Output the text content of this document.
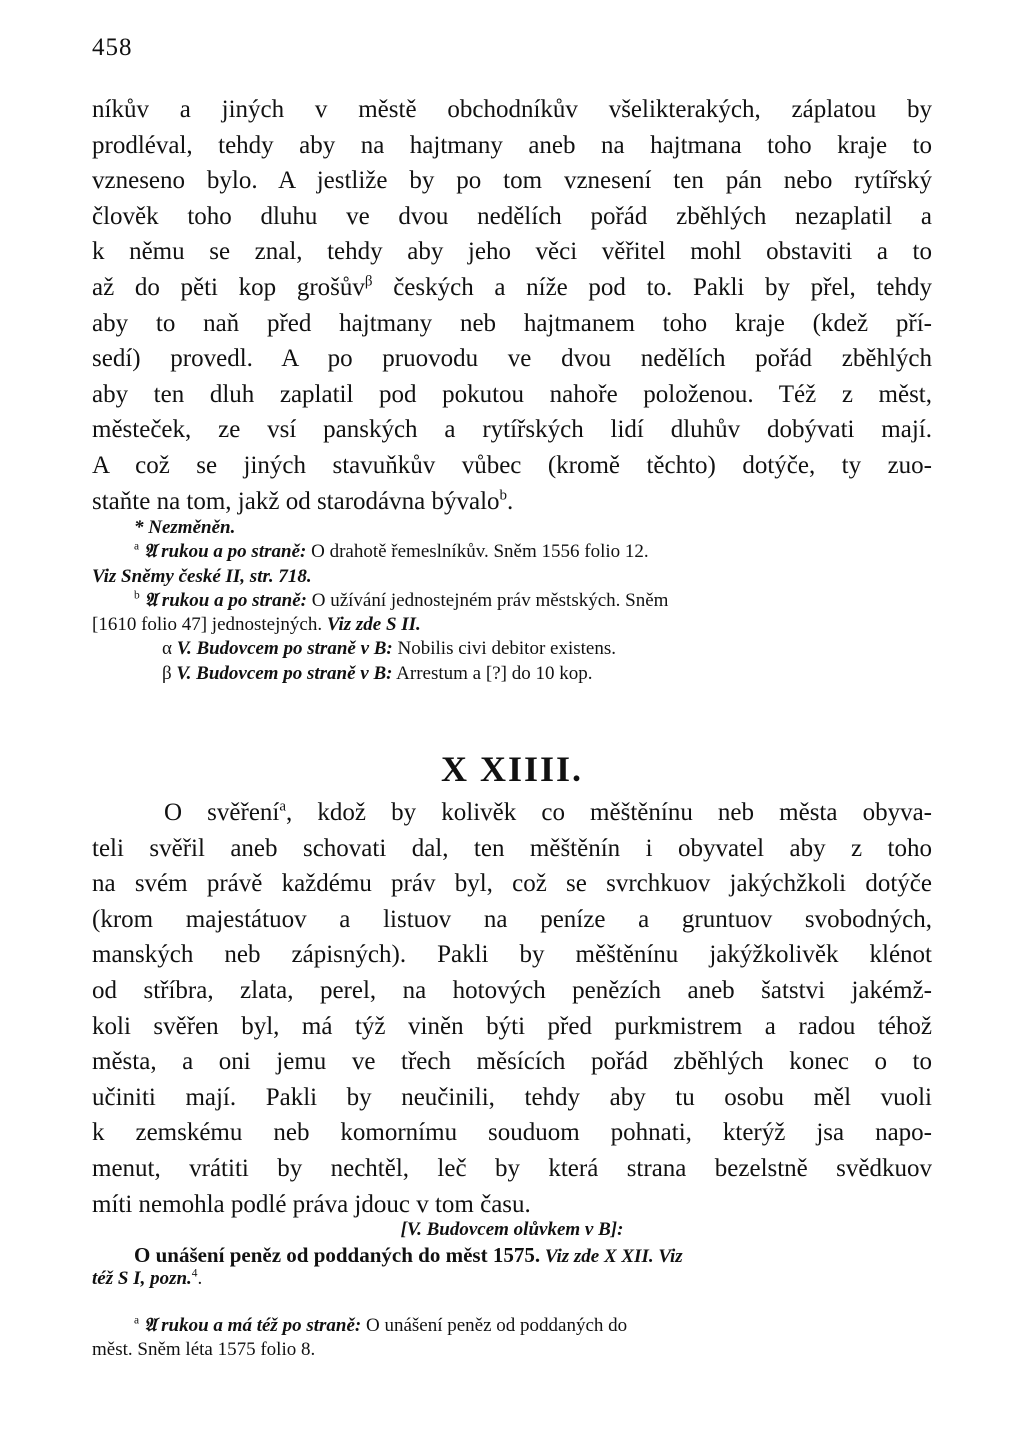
458
níkův a jiných v městě obchodníkův všelikterakých, záplatou by
prodléval, tehdy aby na hajtmany aneb na hajtmana toho kraje to
vzneseno bylo. A jestliže by po tom vznesení ten pán nebo rytířský
člověk toho dluhu ve dvou nedělích pořád zběhlých nezaplatil a
k němu se znal, tehdy aby jeho věci věřitel mohl obstaviti a to
až do pěti kop grošův$^\beta$ českých a níže pod to. Pakli by přel, tehdy
aby to naň před hajtmany neb hajtmanem toho kraje (kdež pří-
sedí) provedl. A po pruovodu ve dvou nedělích pořád zběhlých
aby ten dluh zaplatil pod pokutou nahoře položenou. Též z měst,
městeček, ze vsí panských a rytířských lidí dluhův dobývati mají.
A což se jiných stavuňkův vůbec (kromě těchto) dotýče, ty zuo-
staňte na tom, jakž od starodávna bývalo$^b$.
* Nezměněn.
$^a$ 𝔄 rukou a po straně: O drahotě řemeslníkův. Sněm 1556 folio 12.
Viz Sněmy české II, str. 718.
$^b$ 𝔄 rukou a po straně: O užívání jednostejném práv městských. Sněm
[1610 folio 47] jednostejných. Viz zde S II.
α V. Budovcem po straně v B: Nobilis civi debitor existens.
β V. Budovcem po straně v B: Arrestum a [?] do 10 kop.
X XIIII.
O svěření$^a$, kdož by kolivěk co měštěnínu neb města obyva-
teli svěřil aneb schovati dal, ten měštěnín i obyvatel aby z toho
na svém právě každému práv byl, což se svrchkuov jakýchžkoli dotýče
(krom majestátuov a listuov na peníze a gruntuov svobodných,
manských neb zápisných). Pakli by měštěnínu jakýžkolivěk klénot
od stříbra, zlata, perel, na hotových penězích aneb šatstvi jakémž-
koli svěřen byl, má týž viněn býti před purkmistrem a radou téhož
města, a oni jemu ve třech měsících pořád zběhlých konec o to
učiniti mají. Pakli by neučinili, tehdy aby tu osobu měl vuoli
k zemskému neb komornímu souduom pohnati, kterýž jsa napo-
menut, vrátiti by nechtěl, leč by která strana bezelstně svědkuov
míti nemohla podlé práva jdouc v tom času.
[V. Budovcem olůvkem v B]:
O unášení peněz od poddaných do měst 1575. Viz zde X XII. Viz
též S I, pozn.$^4$.
$^a$ 𝔄 rukou a má též po straně: O unášení peněz od poddaných do
měst. Sněm léta 1575 folio 8.
